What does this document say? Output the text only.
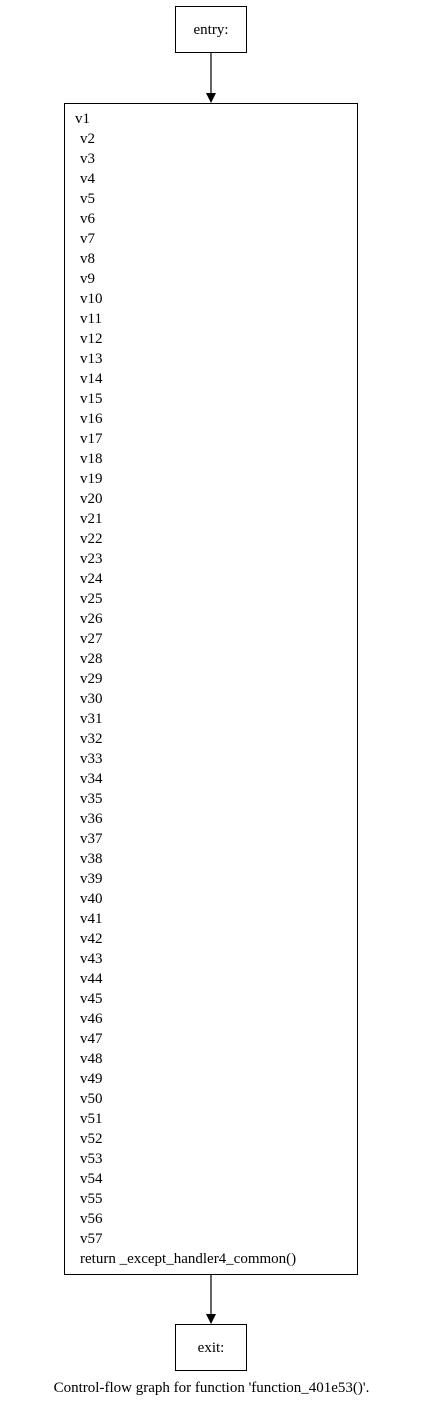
entry:
v1
v2
v3
v4
v5
v6
v7
v8
v9
v10
v11
v12
v13
v14
v15
v16
v17
v18
v19
v20
v21
v22
v23
v24
v25
v26
v27
v28
v29
v30
v31
v32
v33
v34
v35
v36
v37
v38
v39
v40
v41
v42
v43
v44
v45
v46
v47
v48
v49
v50
v51
v52
v53
v54
v55
v56
v57
return _except_handler4_common()
exit:
Control-flow graph for function 'function_401e53()'.
